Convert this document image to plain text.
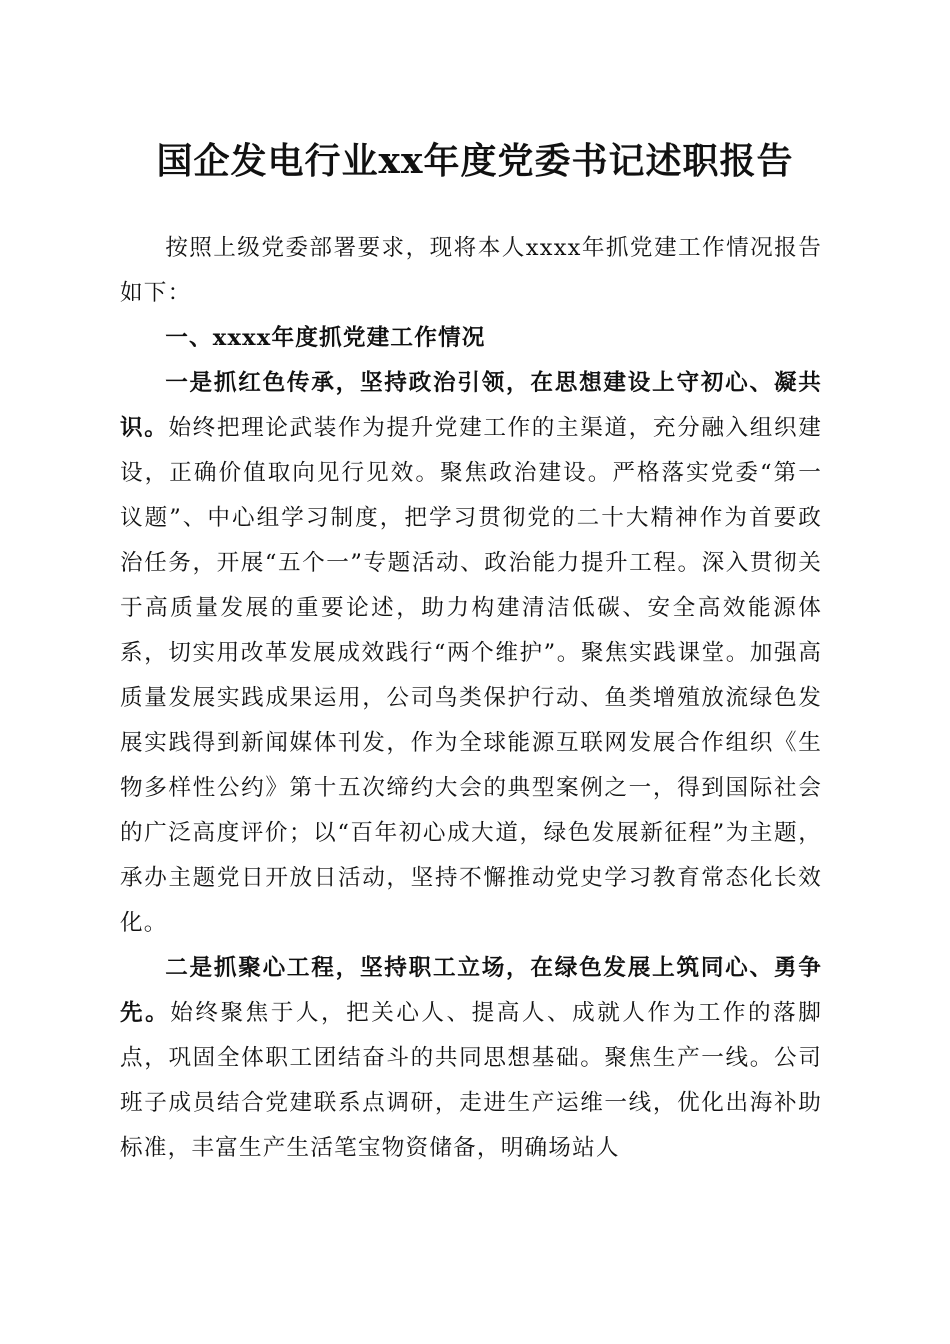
国企发电行业xx年度党委书记述职报告

按照上级党委部署要求，现将本人xxxx年抓党建工作情况报告如下：

一、xxxx年度抓党建工作情况

一是抓红色传承，坚持政治引领，在思想建设上守初心、凝共识。始终把理论武装作为提升党建工作的主渠道，充分融入组织建设，正确价值取向见行见效。聚焦政治建设。严格落实党委“第一议题”、中心组学习制度，把学习贯彻党的二十大精神作为首要政治任务，开展“五个一”专题活动、政治能力提升工程。深入贯彻关于高质量发展的重要论述，助力构建清洁低碳、安全高效能源体系，切实用改革发展成效践行“两个维护”。聚焦实践课堂。加强高质量发展实践成果运用，公司鸟类保护行动、鱼类增殖放流绿色发展实践得到新闻媒体刊发，作为全球能源互联网发展合作组织《生物多样性公约》第十五次缔约大会的典型案例之一，得到国际社会的广泛高度评价；以“百年初心成大道，绿色发展新征程”为主题，承办主题党日开放日活动，坚持不懈推动党史学习教育常态化长效化。

二是抓聚心工程，坚持职工立场，在绿色发展上筑同心、勇争先。始终聚焦于人，把关心人、提高人、成就人作为工作的落脚点，巩固全体职工团结奋斗的共同思想基础。聚焦生产一线。公司班子成员结合党建联系点调研，走进生产运维一线，优化出海补助标准，丰富生产生活笔宝物资储备，明确场站人
